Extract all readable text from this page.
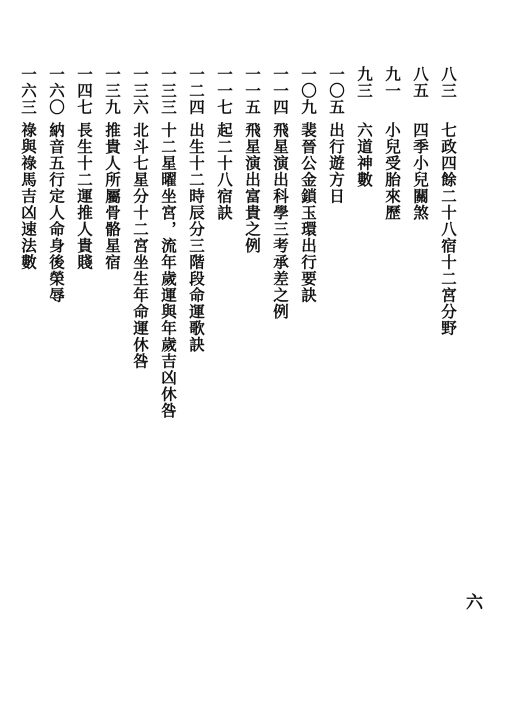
八三
七政四餘二十八宿十二宮分野
八五
四季小兒關煞
九一
小兒受胎來歷
九三
六道神數
一〇五
出行遊方日
一〇九
裴晉公金鎖玉環出行要訣
一一四
飛星演出科學三考承差之例
一一五
飛星演出富貴之例
一一七
起二十八宿訣
一二四
出生十二時辰分三階段命運歌訣
一三三
十二星曜坐宮，流年歲運與年歲吉凶休咎
一三六
北斗七星分十二宮坐生年命運休咎
一三九
推貴人所屬骨骼星宿
一四七
長生十二運推人貴賤
一六〇
納音五行定人命身後榮辱
一六三
祿與祿馬吉凶速法數
六
